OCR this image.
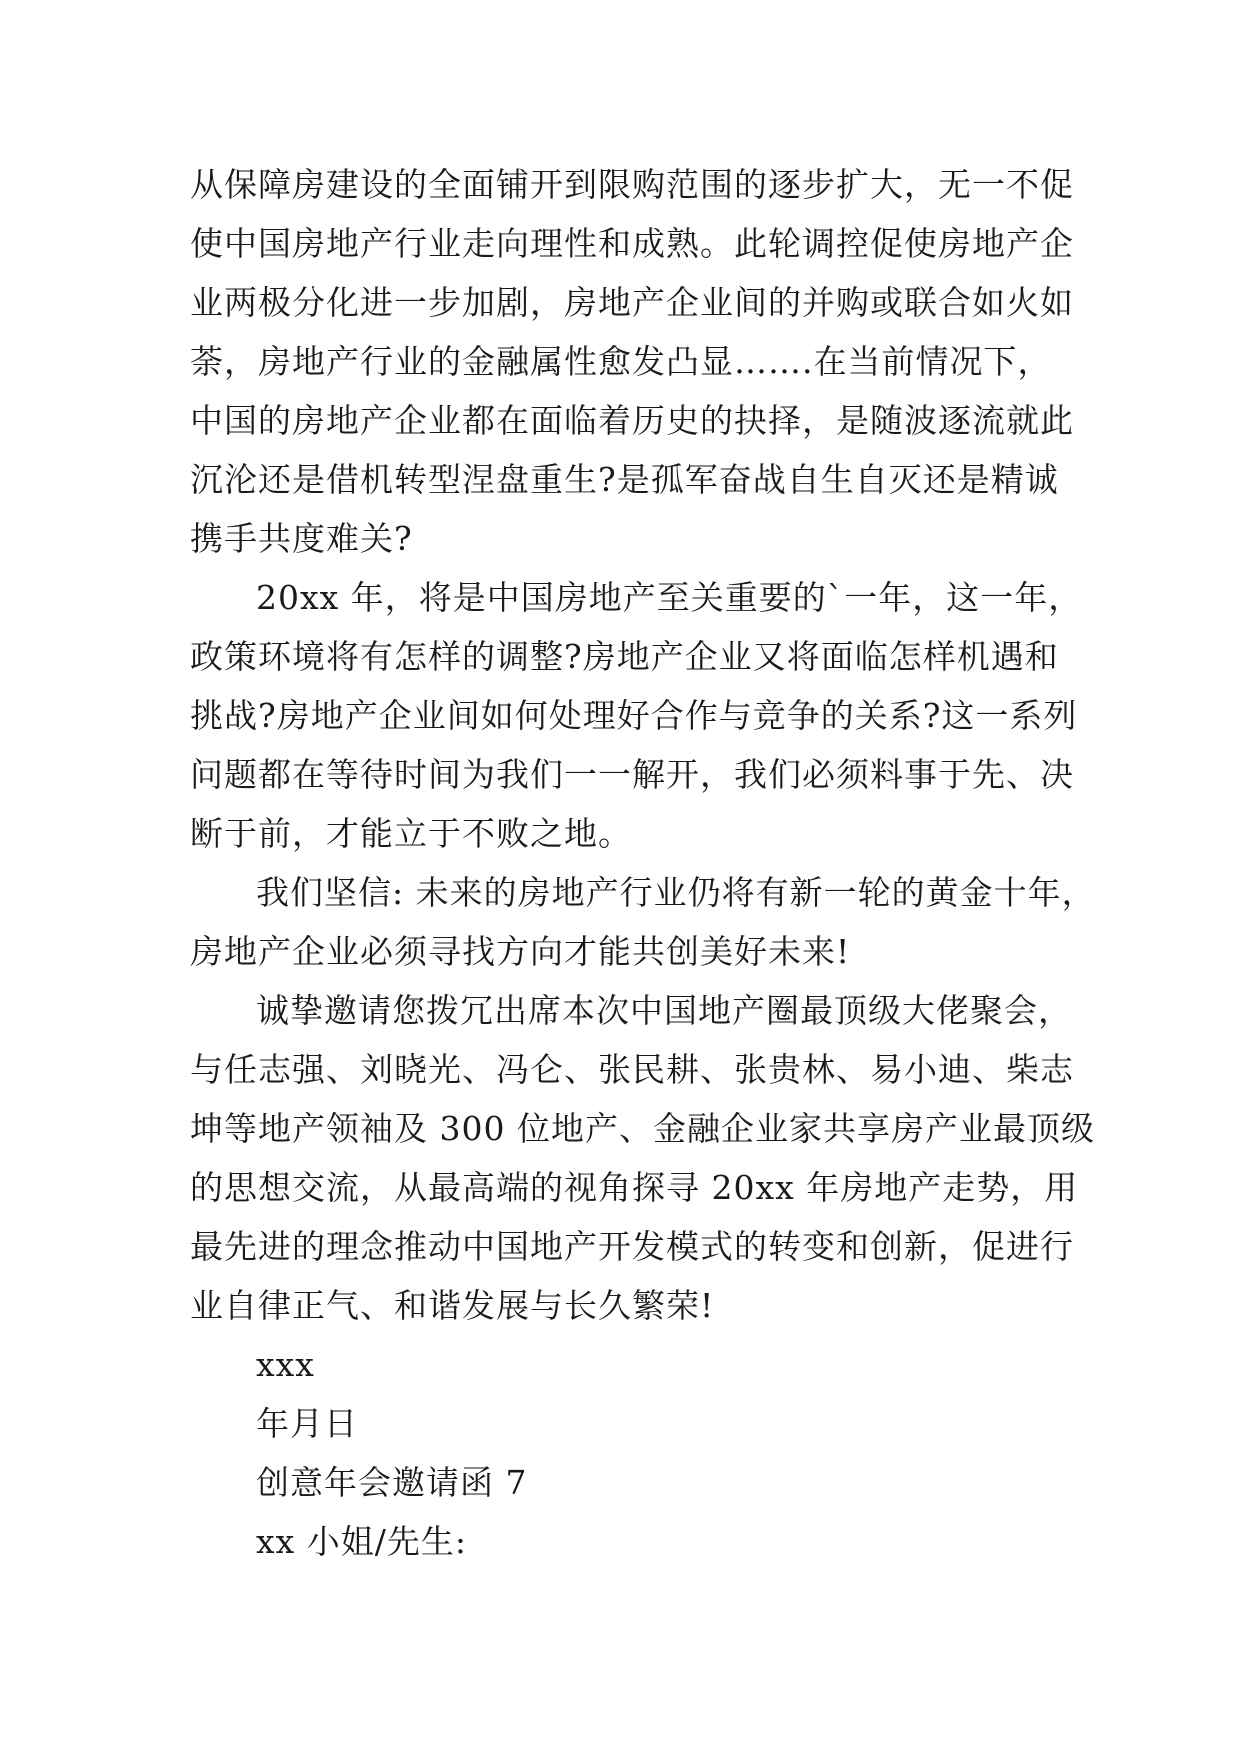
从保障房建设的全面铺开到限购范围的逐步扩大，无一不促
使中国房地产行业走向理性和成熟。此轮调控促使房地产企
业两极分化进一步加剧，房地产企业间的并购或联合如火如
荼，房地产行业的金融属性愈发凸显…….在当前情况下，
中国的房地产企业都在面临着历史的抉择，是随波逐流就此
沉沦还是借机转型涅盘重生?是孤军奋战自生自灭还是精诚
携手共度难关?
20xx 年，将是中国房地产至关重要的`一年，这一年，
政策环境将有怎样的调整?房地产企业又将面临怎样机遇和
挑战?房地产企业间如何处理好合作与竞争的关系?这一系列
问题都在等待时间为我们一一解开，我们必须料事于先、决
断于前，才能立于不败之地。
我们坚信: 未来的房地产行业仍将有新一轮的黄金十年，
房地产企业必须寻找方向才能共创美好未来!
诚挚邀请您拨冗出席本次中国地产圈最顶级大佬聚会，
与任志强、刘晓光、冯仑、张民耕、张贵林、易小迪、柴志
坤等地产领袖及 300 位地产、金融企业家共享房产业最顶级
的思想交流，从最高端的视角探寻 20xx 年房地产走势，用
最先进的理念推动中国地产开发模式的转变和创新，促进行
业自律正气、和谐发展与长久繁荣!
xxx
年月日
创意年会邀请函 7
xx 小姐/先生:
